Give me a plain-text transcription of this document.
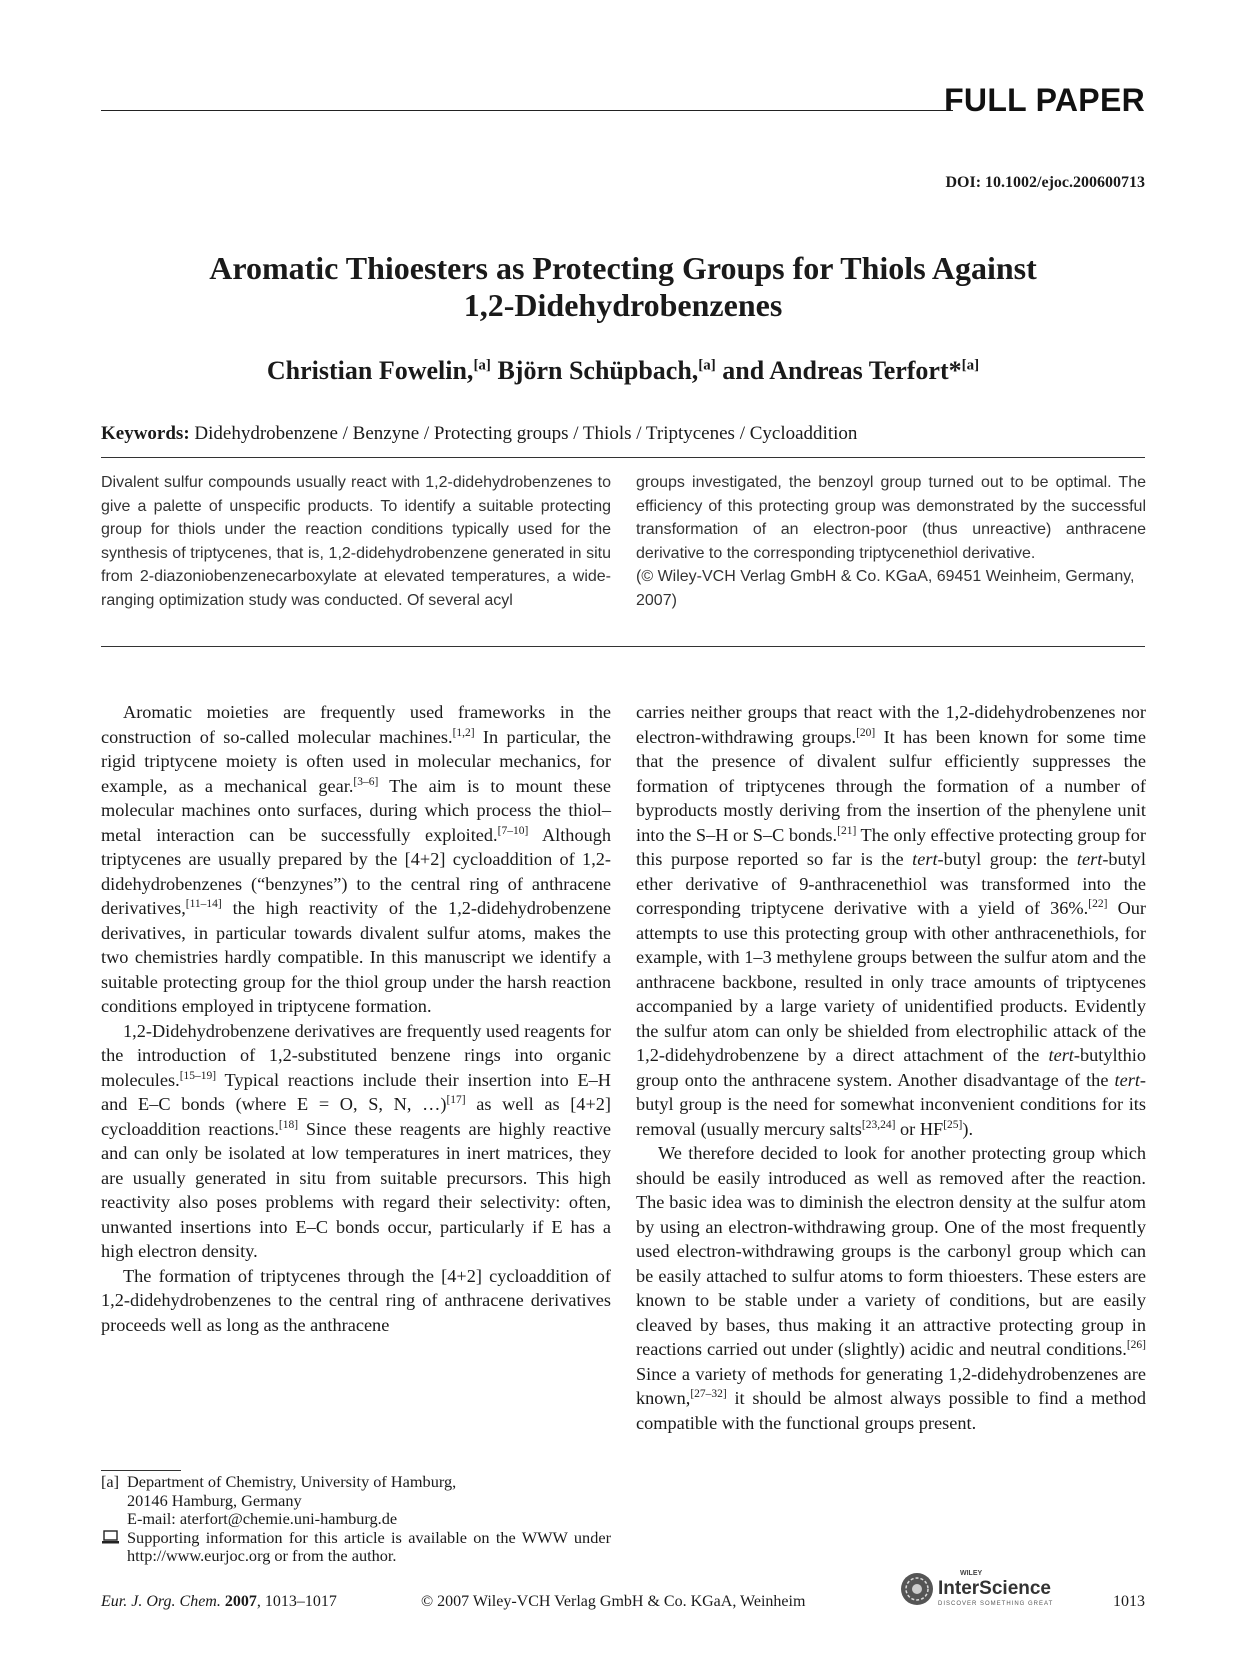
FULL PAPER
DOI: 10.1002/ejoc.200600713
Aromatic Thioesters as Protecting Groups for Thiols Against
1,2-Didehydrobenzenes
Christian Fowelin,[a] Björn Schüpbach,[a] and Andreas Terfort*[a]
Keywords: Didehydrobenzene / Benzyne / Protecting groups / Thiols / Triptycenes / Cycloaddition
Divalent sulfur compounds usually react with 1,2-didehydrobenzenes to give a palette of unspecific products. To identify a suitable protecting group for thiols under the reaction conditions typically used for the synthesis of triptycenes, that is, 1,2-didehydrobenzene generated in situ from 2-diazoniobenzenecarboxylate at elevated temperatures, a wide-ranging optimization study was conducted. Of several acyl
groups investigated, the benzoyl group turned out to be optimal. The efficiency of this protecting group was demonstrated by the successful transformation of an electron-poor (thus unreactive) anthracene derivative to the corresponding triptycenethiol derivative.
(© Wiley-VCH Verlag GmbH & Co. KGaA, 69451 Weinheim, Germany, 2007)

Aromatic moieties are frequently used frameworks in the construction of so-called molecular machines.[1,2] In particular, the rigid triptycene moiety is often used in molecular mechanics, for example, as a mechanical gear.[3–6] The aim is to mount these molecular machines onto surfaces, during which process the thiol–metal interaction can be successfully exploited.[7–10] Although triptycenes are usually prepared by the [4+2] cycloaddition of 1,2-didehydrobenzenes (“benzynes”) to the central ring of anthracene derivatives,[11–14] the high reactivity of the 1,2-didehydrobenzene derivatives, in particular towards divalent sulfur atoms, makes the two chemistries hardly compatible. In this manuscript we identify a suitable protecting group for the thiol group under the harsh reaction conditions employed in triptycene formation.

1,2-Didehydrobenzene derivatives are frequently used reagents for the introduction of 1,2-substituted benzene rings into organic molecules.[15–19] Typical reactions include their insertion into E–H and E–C bonds (where E = O, S, N, …)[17] as well as [4+2] cycloaddition reactions.[18] Since these reagents are highly reactive and can only be isolated at low temperatures in inert matrices, they are usually generated in situ from suitable precursors. This high reactivity also poses problems with regard their selectivity: often, unwanted insertions into E–C bonds occur, particularly if E has a high electron density.

The formation of triptycenes through the [4+2] cycloaddition of 1,2-didehydrobenzenes to the central ring of anthracene derivatives proceeds well as long as the anthracene

carries neither groups that react with the 1,2-didehydrobenzenes nor electron-withdrawing groups.[20] It has been known for some time that the presence of divalent sulfur efficiently suppresses the formation of triptycenes through the formation of a number of byproducts mostly deriving from the insertion of the phenylene unit into the S–H or S–C bonds.[21] The only effective protecting group for this purpose reported so far is the tert-butyl group: the tert-butyl ether derivative of 9-anthracenethiol was transformed into the corresponding triptycene derivative with a yield of 36%.[22] Our attempts to use this protecting group with other anthracenethiols, for example, with 1–3 methylene groups between the sulfur atom and the anthracene backbone, resulted in only trace amounts of triptycenes accompanied by a large variety of unidentified products. Evidently the sulfur atom can only be shielded from electrophilic attack of the 1,2-didehydrobenzene by a direct attachment of the tert-butylthio group onto the anthracene system. Another disadvantage of the tert-butyl group is the need for somewhat inconvenient conditions for its removal (usually mercury salts[23,24] or HF[25]).

We therefore decided to look for another protecting group which should be easily introduced as well as removed after the reaction. The basic idea was to diminish the electron density at the sulfur atom by using an electron-withdrawing group. One of the most frequently used electron-withdrawing groups is the carbonyl group which can be easily attached to sulfur atoms to form thioesters. These esters are known to be stable under a variety of conditions, but are easily cleaved by bases, thus making it an attractive protecting group in reactions carried out under (slightly) acidic and neutral conditions.[26] Since a variety of methods for generating 1,2-didehydrobenzenes are known,[27–32] it should be almost always possible to find a method compatible with the functional groups present.

[a] Department of Chemistry, University of Hamburg,
20146 Hamburg, Germany
E-mail: aterfort@chemie.uni-hamburg.de
Supporting information for this article is available on the WWW under http://www.eurjoc.org or from the author.
Eur. J. Org. Chem. 2007, 1013–1017	© 2007 Wiley-VCH Verlag GmbH & Co. KGaA, Weinheim
WILEY
InterScience
DISCOVER SOMETHING GREAT	1013
